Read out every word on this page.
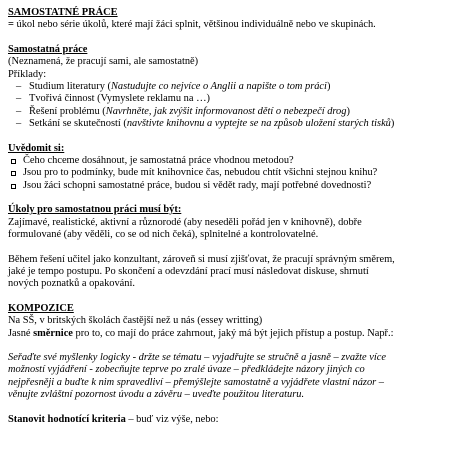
SAMOSTATNÉ PRÁCE
= úkol nebo série úkolů, které mají žáci splnit, většinou individuálně nebo ve skupinách.
Samostatná práce
(Neznamená, že pracují sami, ale samostatně)
Příklady:
– Studium literatury (Nastudujte co nejvíce o Anglii a napište o tom práci)
– Tvořivá činnost (Vymyslete reklamu na …)
– Řešení problému (Navrhněte, jak zvýšit informovanost dětí o nebezpečí drog)
– Setkání se skutečností (navštivte knihovnu a vyptejte se na způsob uložení starých tisků)
Uvědomit si:
Čeho chceme dosáhnout, je samostatná práce vhodnou metodou?
Jsou pro to podmínky, bude mít knihovnice čas, nebudou chtít všichni stejnou knihu?
Jsou žáci schopni samostatné práce, budou si vědět rady, mají potřebné dovednosti?
Úkoly pro samostatnou práci musí být:
Zajímavé, realistické, aktivní a různorodé (aby neseděli pořád jen v knihovně), dobře
formulované (aby věděli, co se od nich čeká), splnitelné a kontrolovatelné.
Během řešení učitel jako konzultant, zároveň si musí zjišťovat, že pracují správným směrem,
jaké je tempo postupu. Po skončení a odevzdání prací musí následovat diskuse, shrnutí
nových poznatků a opakování.
KOMPOZICE
Na SŠ, v britských školách častější než u nás (essey writting)
Jasné směrnice pro to, co mají do práce zahrnout, jaký má být jejich přístup a postup. Např.:
Seřaďte své myšlenky logicky - držte se tématu – vyjadřujte se stručně a jasně – zvažte více
možností vyjádření - zobecňujte teprve po zralé úvaze – předkládejte názory jiných co
nejpřesněji a buďte k nim spravedliví – přemýšlejte samostatně a vyjádřete vlastní názor –
věnujte zvláštní pozornost úvodu a závěru – uveďte použitou literaturu.
Stanovit hodnotící kriteria – buď viz výše, nebo:
